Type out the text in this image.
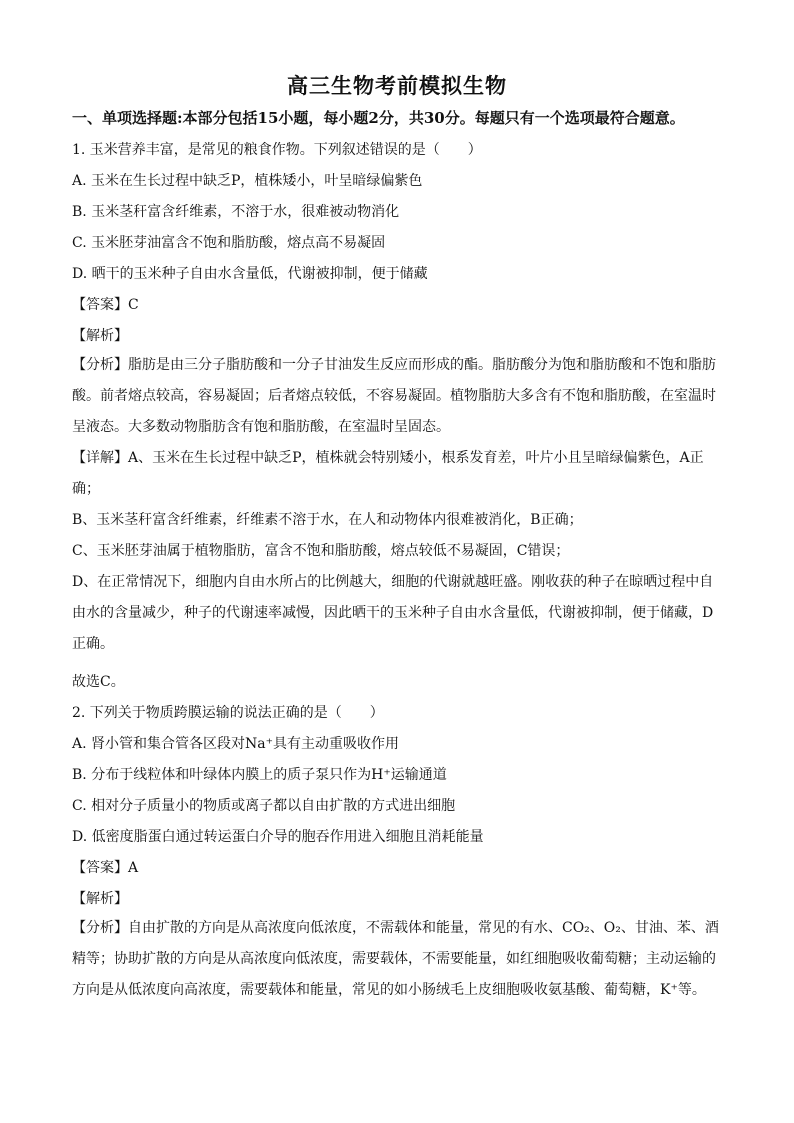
高三生物考前模拟生物
一、单项选择题:本部分包括15小题，每小题2分，共30分。每题只有一个选项最符合题意。
1. 玉米营养丰富，是常见的粮食作物。下列叙述错误的是（　　）
A. 玉米在生长过程中缺乏P，植株矮小，叶呈暗绿偏紫色
B. 玉米茎秆富含纤维素，不溶于水，很难被动物消化
C. 玉米胚芽油富含不饱和脂肪酸，熔点高不易凝固
D. 晒干的玉米种子自由水含量低，代谢被抑制，便于储藏
【答案】C
【解析】
【分析】脂肪是由三分子脂肪酸和一分子甘油发生反应而形成的酯。脂肪酸分为饱和脂肪酸和不饱和脂肪酸。前者熔点较高，容易凝固；后者熔点较低，不容易凝固。植物脂肪大多含有不饱和脂肪酸，在室温时呈液态。大多数动物脂肪含有饱和脂肪酸，在室温时呈固态。
【详解】A、玉米在生长过程中缺乏P，植株就会特别矮小，根系发育差，叶片小且呈暗绿偏紫色，A正确；
B、玉米茎秆富含纤维素，纤维素不溶于水，在人和动物体内很难被消化，B正确；
C、玉米胚芽油属于植物脂肪，富含不饱和脂肪酸，熔点较低不易凝固，C错误；
D、在正常情况下，细胞内自由水所占的比例越大，细胞的代谢就越旺盛。刚收获的种子在晾晒过程中自由水的含量减少，种子的代谢速率减慢，因此晒干的玉米种子自由水含量低，代谢被抑制，便于储藏，D正确。
故选C。
2. 下列关于物质跨膜运输的说法正确的是（　　）
A. 肾小管和集合管各区段对Na⁺具有主动重吸收作用
B. 分布于线粒体和叶绿体内膜上的质子泵只作为H⁺运输通道
C. 相对分子质量小的物质或离子都以自由扩散的方式进出细胞
D. 低密度脂蛋白通过转运蛋白介导的胞吞作用进入细胞且消耗能量
【答案】A
【解析】
【分析】自由扩散的方向是从高浓度向低浓度，不需载体和能量，常见的有水、CO₂、O₂、甘油、苯、酒精等；协助扩散的方向是从高浓度向低浓度，需要载体，不需要能量，如红细胞吸收葡萄糖；主动运输的方向是从低浓度向高浓度，需要载体和能量，常见的如小肠绒毛上皮细胞吸收氨基酸、葡萄糖，K⁺等。
